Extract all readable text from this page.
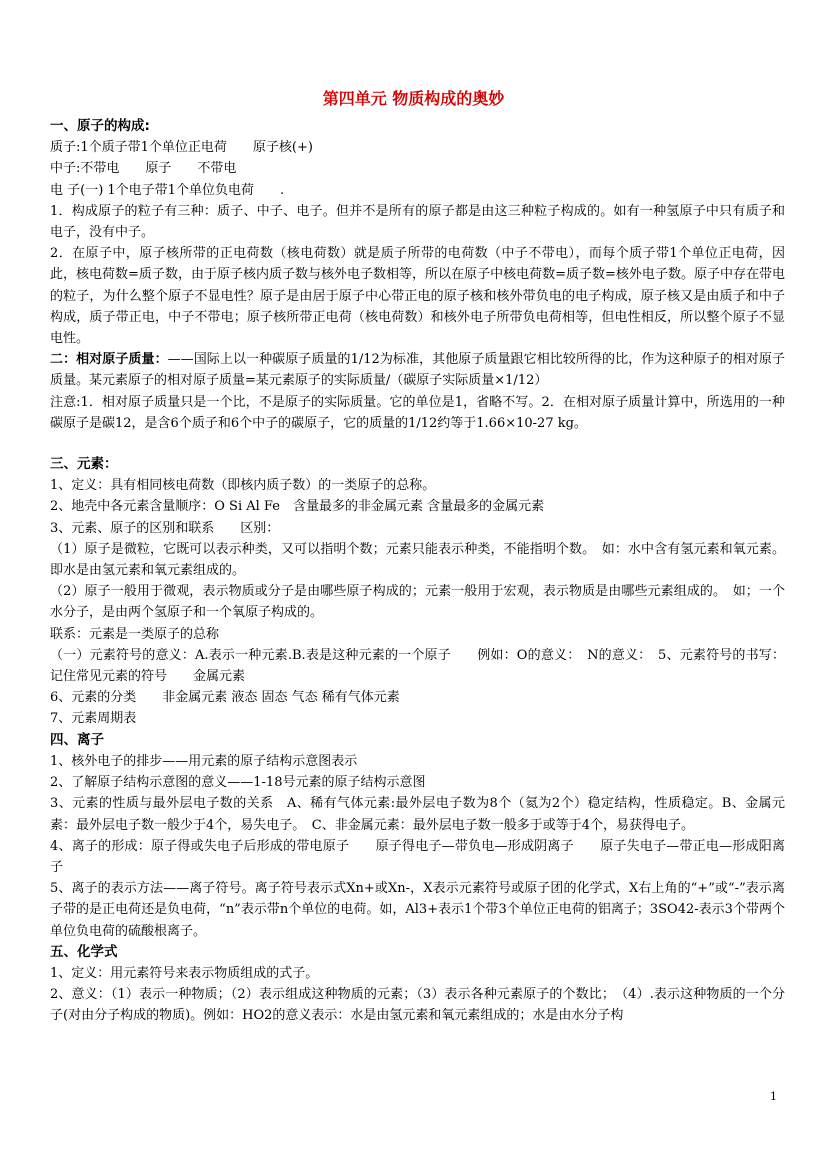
第四单元 物质构成的奥妙

一、原子的构成:

质子:1个质子带1个单位正电荷　　原子核(+)

中子:不带电　　原子　　不带电

电 子(一) 1个电子带1个单位负电荷　　.

1．构成原子的粒子有三种：质子、中子、电子。但并不是所有的原子都是由这三种粒子构成的。如有一种氢原子中只有质子和电子，没有中子。

2．在原子中，原子核所带的正电荷数（核电荷数）就是质子所带的电荷数（中子不带电），而每个质子带1个单位正电荷，因此，核电荷数=质子数，由于原子核内质子数与核外电子数相等，所以在原子中核电荷数=质子数=核外电子数。原子中存在带电的粒子，为什么整个原子不显电性？原子是由居于原子中心带正电的原子核和核外带负电的电子构成，原子核又是由质子和中子构成，质子带正电，中子不带电；原子核所带正电荷（核电荷数）和核外电子所带负电荷相等，但电性相反，所以整个原子不显电性。

二：相对原子质量：——国际上以一种碳原子质量的1/12为标准，其他原子质量跟它相比较所得的比，作为这种原子的相对原子质量。某元素原子的相对原子质量=某元素原子的实际质量/（碳原子实际质量×1/12）

注意:1．相对原子质量只是一个比，不是原子的实际质量。它的单位是1，省略不写。2．在相对原子质量计算中，所选用的一种碳原子是碳12，是含6个质子和6个中子的碳原子，它的质量的1/12约等于1.66×10-27 kg。

三、元素：

1、定义：具有相同核电荷数（即核内质子数）的一类原子的总称。

2、地壳中各元素含量顺序：O Si Al Fe　含量最多的非金属元素 含量最多的金属元素

3、元素、原子的区别和联系　　区别：

（1）原子是微粒，它既可以表示种类，又可以指明个数；元素只能表示种类，不能指明个数。　如：水中含有氢元素和氧元素。即水是由氢元素和氧元素组成的。

（2）原子一般用于微观，表示物质或分子是由哪些原子构成的；元素一般用于宏观，表示物质是由哪些元素组成的。　如；一个水分子，是由两个氢原子和一个氧原子构成的。

联系：元素是一类原子的总称

（一）元素符号的意义：A.表示一种元素.B.表是这种元素的一个原子　　例如：O的意义：　N的意义：　5、元素符号的书写：记住常见元素的符号　　金属元素

6、元素的分类　　非金属元素 液态 固态 气态 稀有气体元素

7、元素周期表

四、离子

1、核外电子的排步——用元素的原子结构示意图表示

2、了解原子结构示意图的意义——1-18号元素的原子结构示意图

3、元素的性质与最外层电子数的关系　A、稀有气体元素:最外层电子数为8个（氦为2个）稳定结构，性质稳定。B、金属元素：最外层电子数一般少于4个，易失电子。　C、非金属元素：最外层电子数一般多于或等于4个，易获得电子。

4、离子的形成：原子得或失电子后形成的带电原子　　原子得电子—带负电—形成阴离子　　原子失电子—带正电—形成阳离子

5、离子的表示方法——离子符号。离子符号表示式Xn+或Xn-，X表示元素符号或原子团的化学式，X右上角的“+”或“-”表示离子带的是正电荷还是负电荷，“n”表示带n个单位的电荷。如，Al3+表示1个带3个单位正电荷的铝离子；3SO42-表示3个带两个单位负电荷的硫酸根离子。

五、化学式

1、定义：用元素符号来表示物质组成的式子。

2、意义：（1）表示一种物质；（2）表示组成这种物质的元素；（3）表示各种元素原子的个数比；　（4）.表示这种物质的一个分子(对由分子构成的物质)。例如：HO2的意义表示：水是由氢元素和氧元素组成的；水是由水分子构

1
